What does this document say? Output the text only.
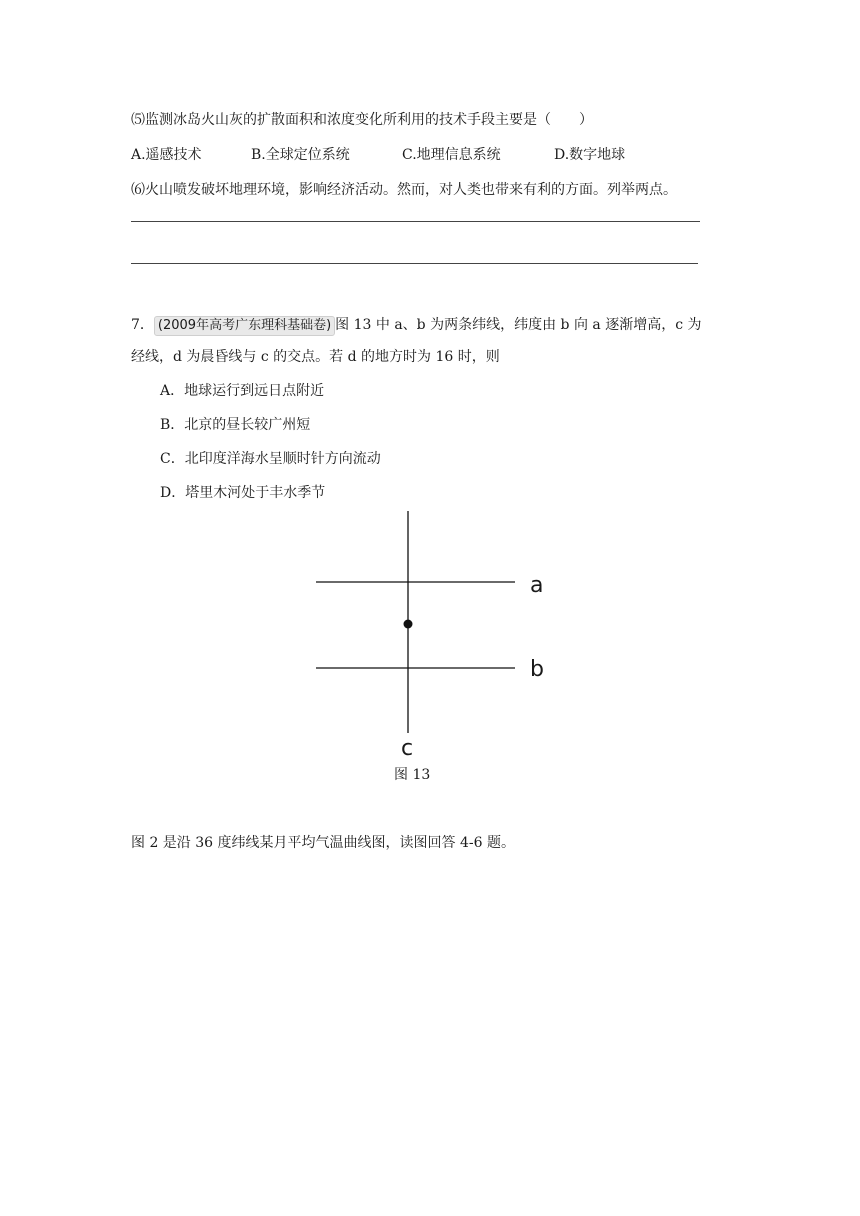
⑸监测冰岛火山灰的扩散面积和浓度变化所利用的技术手段主要是（　　）
A.遥感技术	B.全球定位系统	C.地理信息系统	D.数字地球
⑹火山喷发破坏地理环境，影响经济活动。然而，对人类也带来有利的方面。列举两点。
7． (2009年高考广东理科基础卷) 图 13 中 a、b 为两条纬线，纬度由 b 向 a 逐渐增高，c 为
经线，d 为晨昏线与 c 的交点。若 d 的地方时为 16 时，则
A．地球运行到远日点附近
B．北京的昼长较广州短
C．北印度洋海水呈顺时针方向流动
D．塔里木河处于丰水季节
a
b
c
图 13
图 2 是沿 36 度纬线某月平均气温曲线图，读图回答 4-6 题。
